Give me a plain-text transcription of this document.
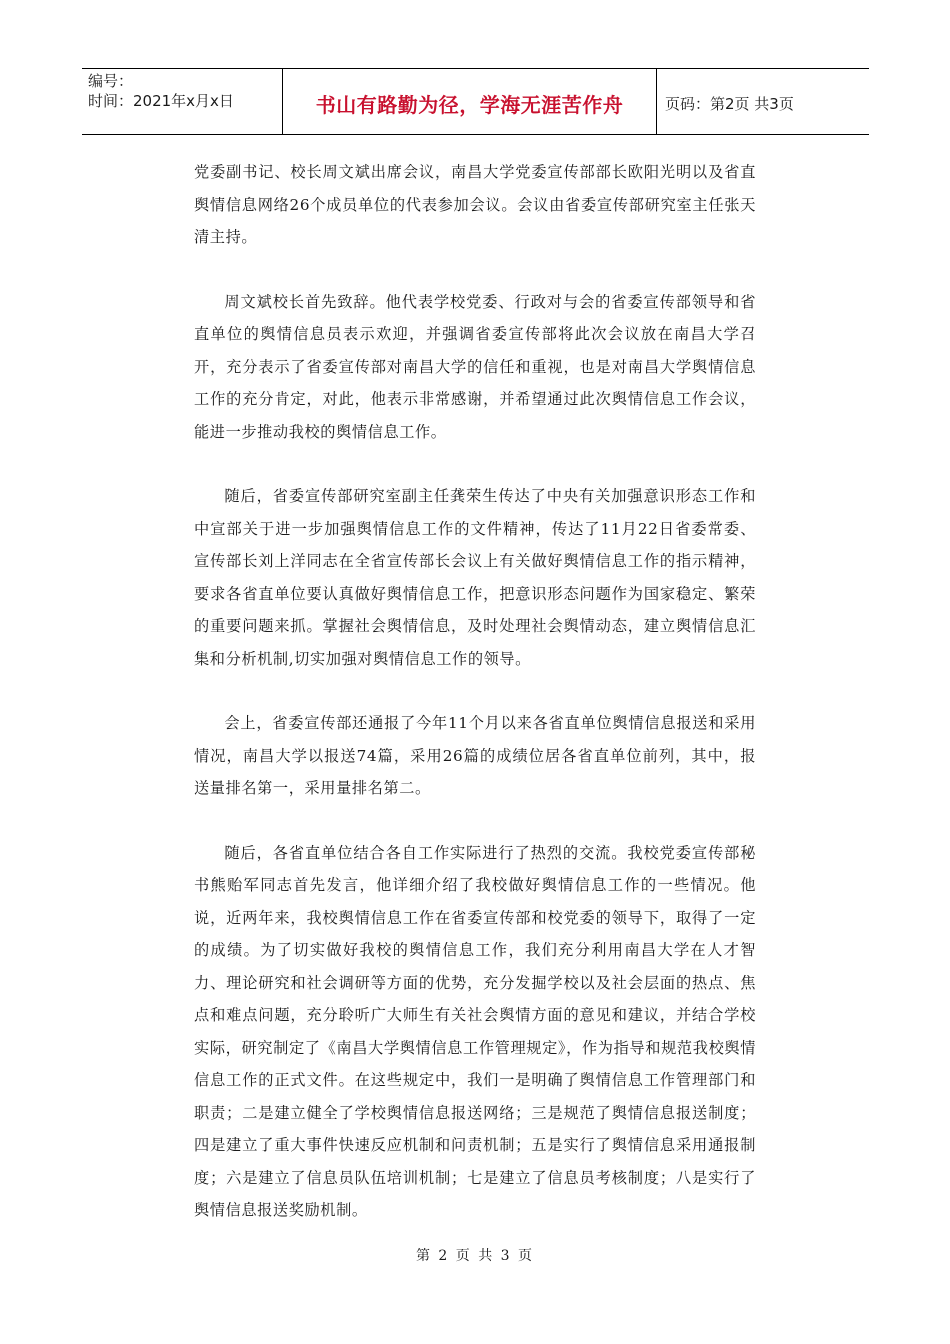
编号：
时间：2021年x月x日	书山有路勤为径，学海无涯苦作舟	页码：第2页 共3页

党委副书记、校长周文斌出席会议，南昌大学党委宣传部部长欧阳光明以及省直舆情信息网络26个成员单位的代表参加会议。会议由省委宣传部研究室主任张天清主持。

周文斌校长首先致辞。他代表学校党委、行政对与会的省委宣传部领导和省直单位的舆情信息员表示欢迎，并强调省委宣传部将此次会议放在南昌大学召开，充分表示了省委宣传部对南昌大学的信任和重视，也是对南昌大学舆情信息工作的充分肯定，对此，他表示非常感谢，并希望通过此次舆情信息工作会议，能进一步推动我校的舆情信息工作。

随后，省委宣传部研究室副主任龚荣生传达了中央有关加强意识形态工作和中宣部关于进一步加强舆情信息工作的文件精神，传达了11月22日省委常委、宣传部长刘上洋同志在全省宣传部长会议上有关做好舆情信息工作的指示精神，要求各省直单位要认真做好舆情信息工作，把意识形态问题作为国家稳定、繁荣的重要问题来抓。掌握社会舆情信息，及时处理社会舆情动态，建立舆情信息汇集和分析机制,切实加强对舆情信息工作的领导。

会上，省委宣传部还通报了今年11个月以来各省直单位舆情信息报送和采用情况，南昌大学以报送74篇，采用26篇的成绩位居各省直单位前列，其中，报送量排名第一，采用量排名第二。

随后，各省直单位结合各自工作实际进行了热烈的交流。我校党委宣传部秘书熊贻军同志首先发言，他详细介绍了我校做好舆情信息工作的一些情况。他说，近两年来，我校舆情信息工作在省委宣传部和校党委的领导下，取得了一定的成绩。为了切实做好我校的舆情信息工作，我们充分利用南昌大学在人才智力、理论研究和社会调研等方面的优势，充分发掘学校以及社会层面的热点、焦点和难点问题，充分聆听广大师生有关社会舆情方面的意见和建议，并结合学校实际，研究制定了《南昌大学舆情信息工作管理规定》，作为指导和规范我校舆情信息工作的正式文件。在这些规定中，我们一是明确了舆情信息工作管理部门和职责；二是建立健全了学校舆情信息报送网络；三是规范了舆情信息报送制度；四是建立了重大事件快速反应机制和问责机制；五是实行了舆情信息采用通报制度；六是建立了信息员队伍培训机制；七是建立了信息员考核制度；八是实行了舆情信息报送奖励机制。

第 2 页 共 3 页
